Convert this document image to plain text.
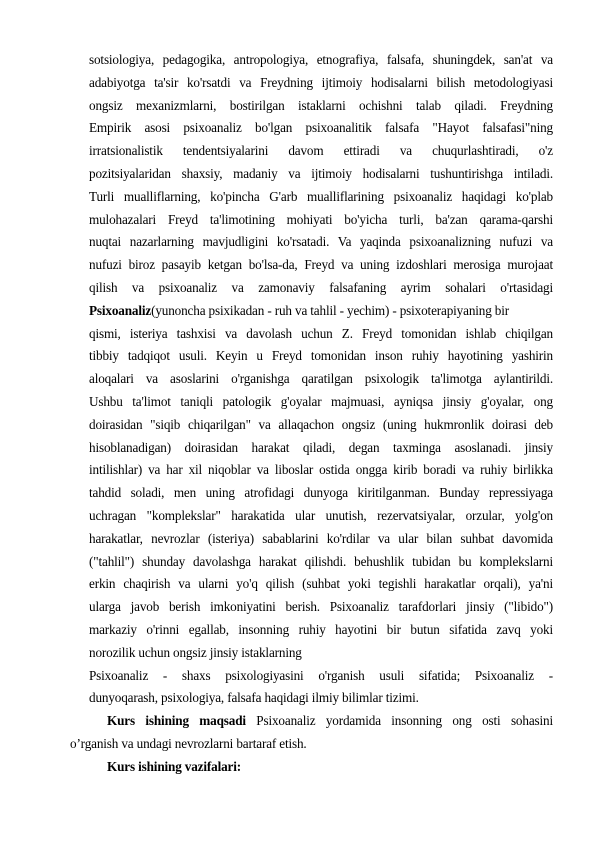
sotsiologiya, pedagogika, antropologiya, etnografiya, falsafa, shuningdek, san'at va
adabiyotga ta'sir ko'rsatdi va Freydning ijtimoiy hodisalarni bilish metodologiyasi
ongsiz mexanizmlarni, bostirilgan istaklarni ochishni talab qiladi. Freydning
Empirik asosi psixoanaliz bo'lgan psixoanalitik falsafa "Hayot falsafasi"ning
irratsionalistik tendentsiyalarini davom ettiradi va chuqurlashtiradi, o'z
pozitsiyalaridan shaxsiy, madaniy va ijtimoiy hodisalarni tushuntirishga intiladi.
Turli mualliflarning, ko'pincha G'arb mualliflarining psixoanaliz haqidagi ko'plab
mulohazalari Freyd ta'limotining mohiyati bo'yicha turli, ba'zan qarama-qarshi
nuqtai nazarlarning mavjudligini ko'rsatadi. Va yaqinda psixoanalizning nufuzi va
nufuzi biroz pasayib ketgan bo'lsa-da, Freyd va uning izdoshlari merosiga murojaat
qilish va psixoanaliz va zamonaviy falsafaning ayrim sohalari o'rtasidagi
Psixoanaliz(yunoncha psixikadan - ruh va tahlil - yechim) - psixoterapiyaning bir
qismi, isteriya tashxisi va davolash uchun Z. Freyd tomonidan ishlab chiqilgan
tibbiy tadqiqot usuli. Keyin u Freyd tomonidan inson ruhiy hayotining yashirin
aloqalari va asoslarini o'rganishga qaratilgan psixologik ta'limotga aylantirildi.
Ushbu ta'limot taniqli patologik g'oyalar majmuasi, ayniqsa jinsiy g'oyalar, ong
doirasidan "siqib chiqarilgan" va allaqachon ongsiz (uning hukmronlik doirasi deb
hisoblanadigan) doirasidan harakat qiladi, degan taxminga asoslanadi. jinsiy
intilishlar) va har xil niqoblar va liboslar ostida ongga kirib boradi va ruhiy birlikka
tahdid soladi, men uning atrofidagi dunyoga kiritilganman. Bunday repressiyaga
uchragan "komplekslar" harakatida ular unutish, rezervatsiyalar, orzular, yolg'on
harakatlar, nevrozlar (isteriya) sabablarini ko'rdilar va ular bilan suhbat davomida
("tahlil") shunday davolashga harakat qilishdi. behushlik tubidan bu komplekslarni
erkin chaqirish va ularni yo'q qilish (suhbat yoki tegishli harakatlar orqali), ya'ni
ularga javob berish imkoniyatini berish. Psixoanaliz tarafdorlari jinsiy ("libido")
markaziy o'rinni egallab, insonning ruhiy hayotini bir butun sifatida zavq yoki
norozilik uchun ongsiz jinsiy istaklarning
Psixoanaliz - shaxs psixologiyasini o'rganish usuli sifatida; Psixoanaliz -
dunyoqarash, psixologiya, falsafa haqidagi ilmiy bilimlar tizimi.
Kurs ishining maqsadi Psixoanaliz yordamida insonning ong osti sohasini
o’rganish va undagi nevrozlarni bartaraf etish.
Kurs ishining vazifalari:
